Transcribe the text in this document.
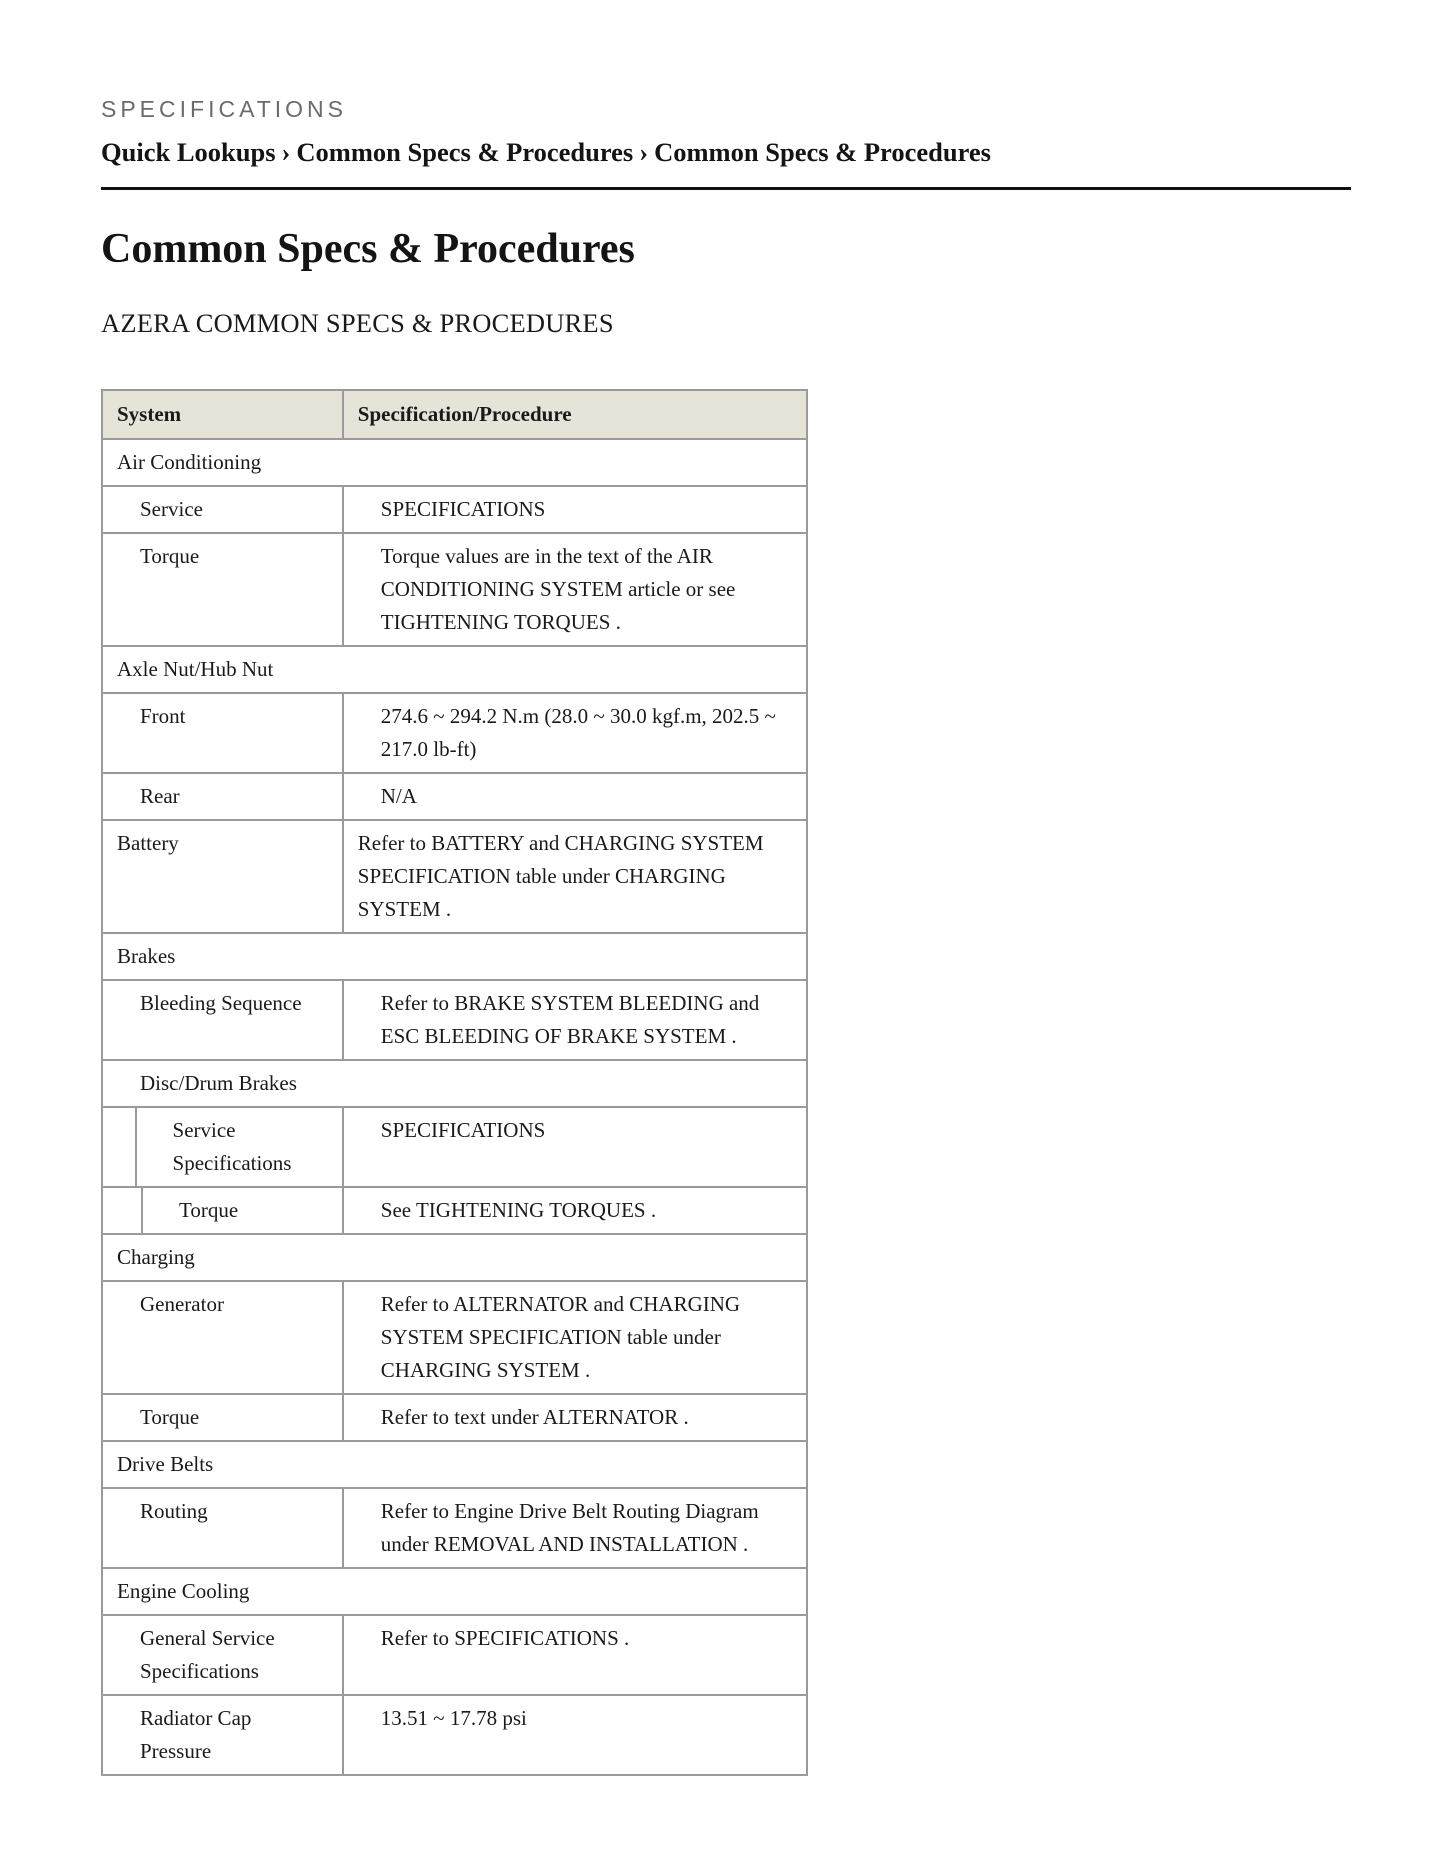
SPECIFICATIONS
Quick Lookups › Common Specs & Procedures › Common Specs & Procedures
Common Specs & Procedures
AZERA COMMON SPECS & PROCEDURES
System	Specification/Procedure
Air Conditioning	
Service	SPECIFICATIONS
Torque	Torque values are in the text of the AIR CONDITIONING SYSTEM article or see TIGHTENING TORQUES .
Axle Nut/Hub Nut	
Front	274.6 ~ 294.2 N.m (28.0 ~ 30.0 kgf.m, 202.5 ~ 217.0 lb-ft)
Rear	N/A
Battery	Refer to BATTERY and CHARGING SYSTEM SPECIFICATION table under CHARGING SYSTEM .
Brakes	
Bleeding Sequence	Refer to BRAKE SYSTEM BLEEDING and ESC BLEEDING OF BRAKE SYSTEM .
Disc/Drum Brakes	

Service Specifications	SPECIFICATIONS

Torque	See TIGHTENING TORQUES .
Charging	
Generator	Refer to ALTERNATOR and CHARGING SYSTEM SPECIFICATION table under CHARGING SYSTEM .
Torque	Refer to text under ALTERNATOR .
Drive Belts	
Routing	Refer to Engine Drive Belt Routing Diagram under REMOVAL AND INSTALLATION .
Engine Cooling	
General Service Specifications	Refer to SPECIFICATIONS .
Radiator Cap Pressure	13.51 ~ 17.78 psi
